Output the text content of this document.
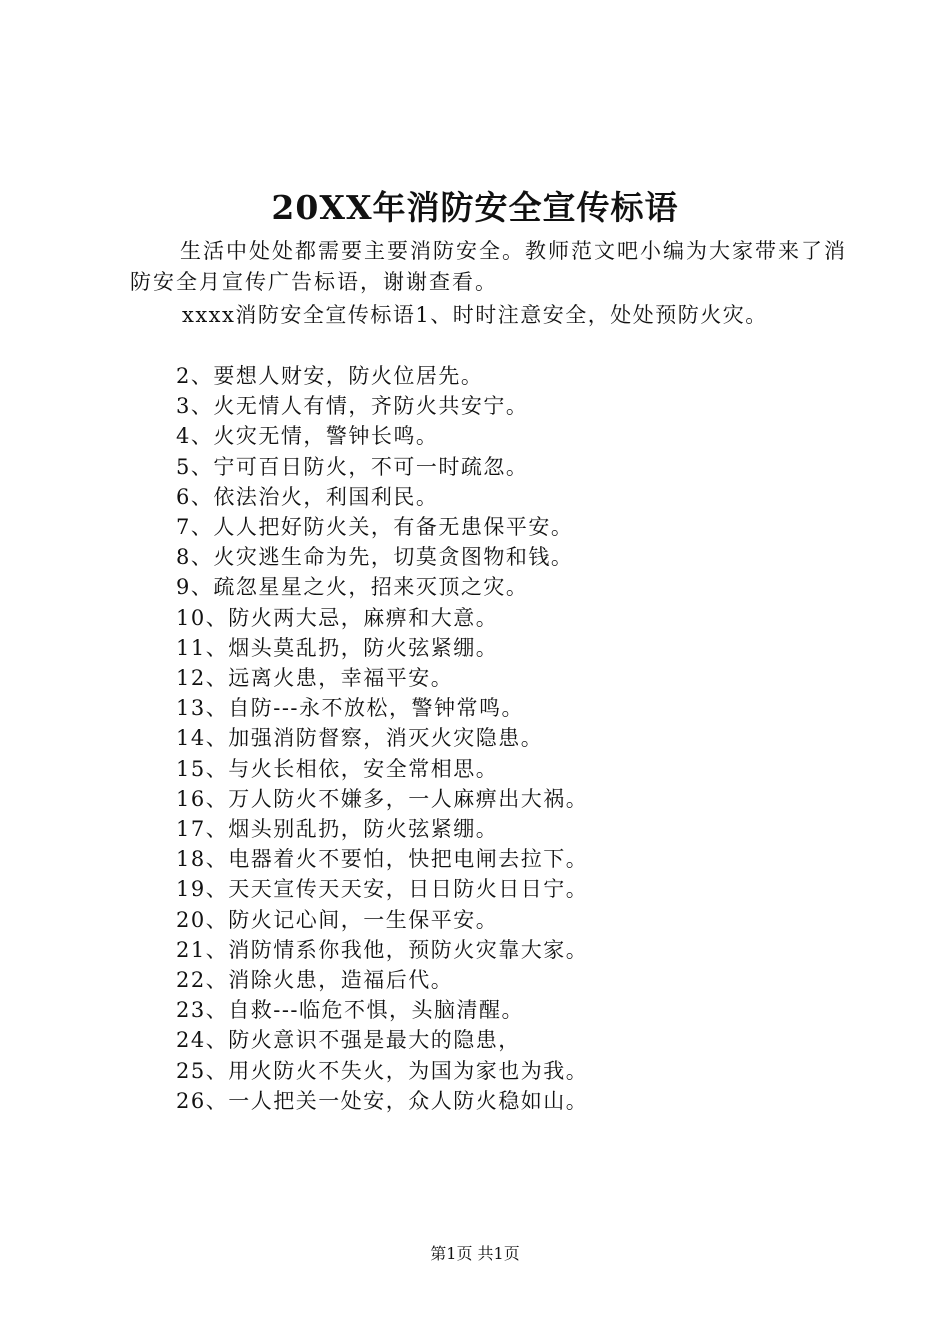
20XX年消防安全宣传标语
生活中处处都需要主要消防安全。教师范文吧小编为大家带来了消防安全月宣传广告标语，谢谢查看。
xxxx消防安全宣传标语1、时时注意安全，处处预防火灾。
2、要想人财安，防火位居先。
3、火无情人有情，齐防火共安宁。
4、火灾无情，警钟长鸣。
5、宁可百日防火，不可一时疏忽。
6、依法治火，利国利民。
7、人人把好防火关，有备无患保平安。
8、火灾逃生命为先，切莫贪图物和钱。
9、疏忽星星之火，招来灭顶之灾。
10、防火两大忌，麻痹和大意。
11、烟头莫乱扔，防火弦紧绷。
12、远离火患，幸福平安。
13、自防---永不放松，警钟常鸣。
14、加强消防督察，消灭火灾隐患。
15、与火长相依，安全常相思。
16、万人防火不嫌多，一人麻痹出大祸。
17、烟头别乱扔，防火弦紧绷。
18、电器着火不要怕，快把电闸去拉下。
19、天天宣传天天安，日日防火日日宁。
20、防火记心间，一生保平安。
21、消防情系你我他，预防火灾靠大家。
22、消除火患，造福后代。
23、自救---临危不惧，头脑清醒。
24、防火意识不强是最大的隐患，
25、用火防火不失火，为国为家也为我。
26、一人把关一处安，众人防火稳如山。
第1页 共1页
